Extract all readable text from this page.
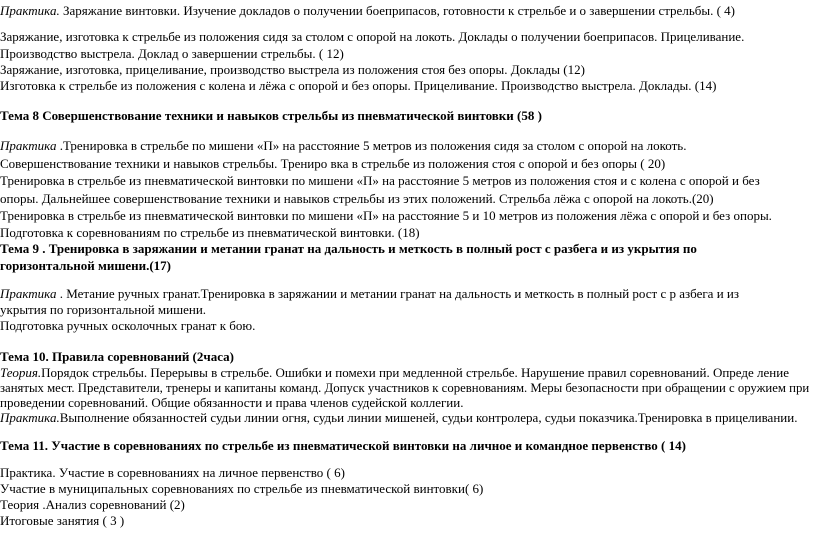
Практика. Заряжание винтовки. Изучение докладов о получении боеприпасов, готовности к стрельбе и о завершении стрельбы. ( 4)
Заряжание, изготовка к стрельбе из положения сидя за столом с опорой на локоть. Доклады о получении боеприпасов. Прицеливание.
Производство выстрела. Доклад о завершении стрельбы. ( 12)
Заряжание, изготовка, прицеливание, производство выстрела из положения стоя без опоры. Доклады (12)
Изготовка к стрельбе из положения с колена и лёжа с опорой и без опоры. Прицеливание. Производство выстрела. Доклады. (14)
Тема 8 Совершенствование техники и навыков стрельбы из пневматической винтовки (58 )
Практика .Тренировка в стрельбе по мишени «П» на расстояние 5 метров из положения сидя за столом с опорой на локоть.
Совершенствование техники и навыков стрельбы. Трениро вка в стрельбе из положения стоя с опорой и без опоры ( 20)
Тренировка в стрельбе из пневматической винтовки по мишени «П» на расстояние 5 метров из положения стоя и с колена с опорой и без
опоры. Дальнейшее совершенствование техники и навыков стрельбы из этих положений. Стрельба лёжа с опорой на локоть.(20)
Тренировка в стрельбе из пневматической винтовки по мишени «П» на расстояние 5 и 10 метров из положения лёжа с опорой и без опоры.
Подготовка к соревнованиям по стрельбе из пневматической винтовки. (18)
Тема 9 . Тренировка в заряжании и метании гранат на дальность и меткость в полный рост с разбега и из укрытия по
горизонтальной мишени.(17)
Практика . Метание ручных гранат.Тренировка в заряжании и метании гранат на дальность и меткость в полный рост с р азбега и из
укрытия по горизонтальной мишени.
Подготовка ручных осколочных гранат к бою.
Тема 10. Правила соревнований (2часа)
Теория.Порядок стрельбы. Перерывы в стрельбе. Ошибки и помехи при медленной стрельбе. Нарушение правил соревнований. Опреде ление
занятых мест. Представители, тренеры и капитаны команд. Допуск участников к соревнованиям. Меры безопасности при обращении с оружием при
проведении соревнований. Общие обязанности и права членов судейской коллегии.
Практика.Выполнение обязанностей судьи линии огня, судьи линии мишеней, судьи контролера, судьи показчика.Тренировка в прицеливании.
Тема 11. Участие в соревнованиях по стрельбе из пневматической винтовки на личное и командное первенство ( 14)
Практика. Участие в соревнованиях на личное первенство ( 6)
Участие в муниципальных соревнованиях по стрельбе из пневматической винтовки( 6)
Теория .Анализ соревнований (2)
Итоговые занятия ( 3 )
